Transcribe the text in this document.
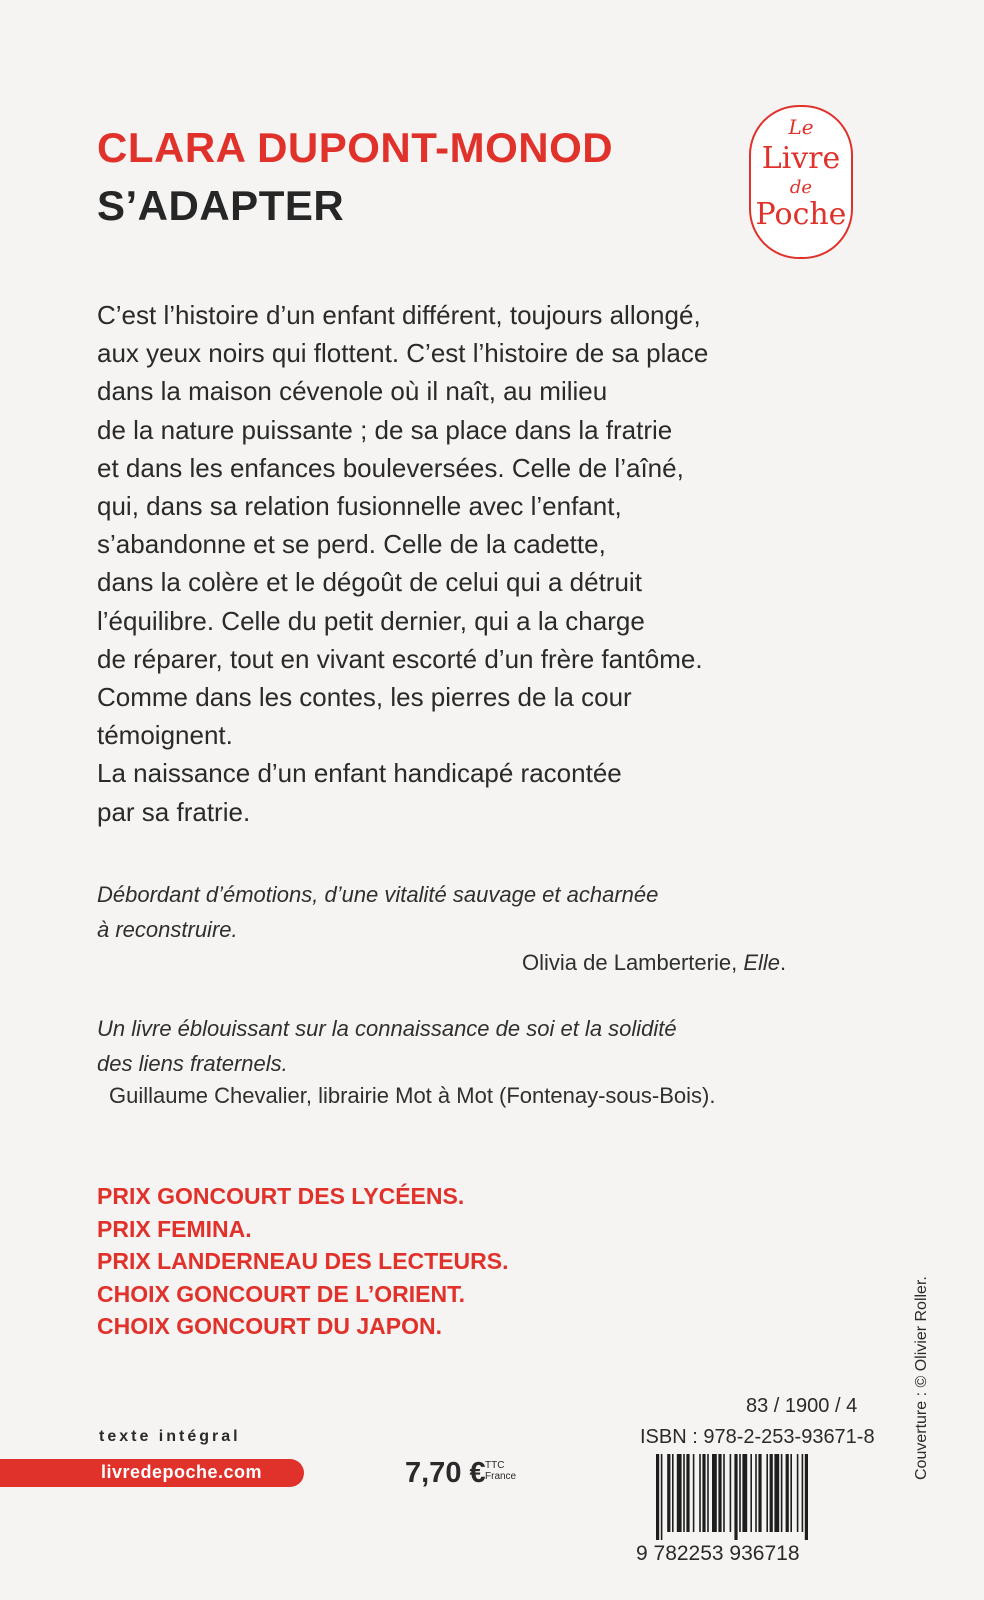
CLARA DUPONT-MONOD
S’ADAPTER
Le
Livre
de
Poche
C’est l’histoire d’un enfant différent, toujours allongé,
aux yeux noirs qui flottent. C’est l’histoire de sa place
dans la maison cévenole où il naît, au milieu
de la nature puissante ; de sa place dans la fratrie
et dans les enfances bouleversées. Celle de l’aîné,
qui, dans sa relation fusionnelle avec l’enfant,
s’abandonne et se perd. Celle de la cadette,
dans la colère et le dégoût de celui qui a détruit
l’équilibre. Celle du petit dernier, qui a la charge
de réparer, tout en vivant escorté d’un frère fantôme.
Comme dans les contes, les pierres de la cour
témoignent.
La naissance d’un enfant handicapé racontée
par sa fratrie.
Débordant d’émotions, d’une vitalité sauvage et acharnée
à reconstruire.
Olivia de Lamberterie, Elle.
Un livre éblouissant sur la connaissance de soi et la solidité
des liens fraternels.
Guillaume Chevalier, librairie Mot à Mot (Fontenay-sous-Bois).
PRIX GONCOURT DES LYCÉENS.
PRIX FEMINA.
PRIX LANDERNEAU DES LECTEURS.
CHOIX GONCOURT DE L’ORIENT.
CHOIX GONCOURT DU JAPON.
texte intégral
livredepoche.com	7,70 € TTC
France
83 / 1900 / 4
ISBN : 978-2-253-93671-8
9 782253 936718
Couverture : © Olivier Roller.
